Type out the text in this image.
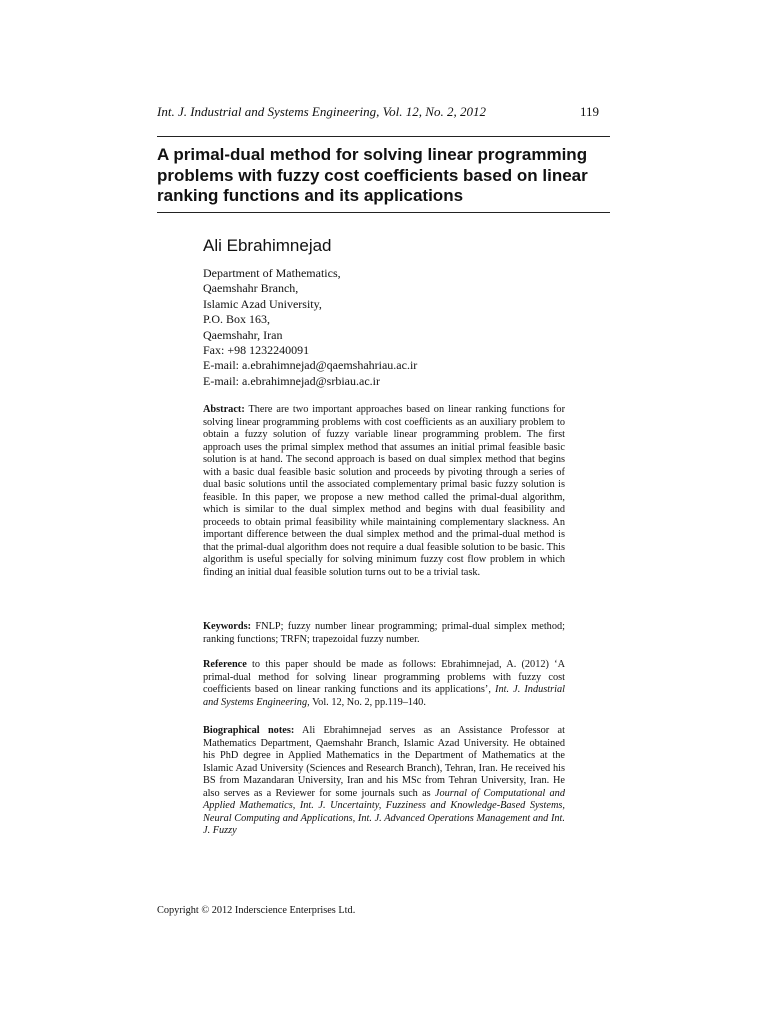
Int. J. Industrial and Systems Engineering, Vol. 12, No. 2, 2012	119
A primal-dual method for solving linear programming
problems with fuzzy cost coefficients based on linear
ranking functions and its applications
Ali Ebrahimnejad
Department of Mathematics,
Qaemshahr Branch,
Islamic Azad University,
P.O. Box 163,
Qaemshahr, Iran
Fax: +98 1232240091
E-mail: a.ebrahimnejad@qaemshahriau.ac.ir
E-mail: a.ebrahimnejad@srbiau.ac.ir

Abstract: There are two important approaches based on linear ranking functions for solving linear programming problems with cost coefficients as an auxiliary problem to obtain a fuzzy solution of fuzzy variable linear programming problem. The first approach uses the primal simplex method that assumes an initial primal feasible basic solution is at hand. The second approach is based on dual simplex method that begins with a basic dual feasible basic solution and proceeds by pivoting through a series of dual basic solutions until the associated complementary primal basic fuzzy solution is feasible. In this paper, we propose a new method called the primal-dual algorithm, which is similar to the dual simplex method and begins with dual feasibility and proceeds to obtain primal feasibility while maintaining complementary slackness. An important difference between the dual simplex method and the primal-dual method is that the primal-dual algorithm does not require a dual feasible solution to be basic. This algorithm is useful specially for solving minimum fuzzy cost flow problem in which finding an initial dual feasible solution turns out to be a trivial task.

Keywords: FNLP; fuzzy number linear programming; primal-dual simplex method; ranking functions; TRFN; trapezoidal fuzzy number.

Reference to this paper should be made as follows: Ebrahimnejad, A. (2012) ‘A primal-dual method for solving linear programming problems with fuzzy cost coefficients based on linear ranking functions and its applications’, Int. J. Industrial and Systems Engineering, Vol. 12, No. 2, pp.119–140.

Biographical notes: Ali Ebrahimnejad serves as an Assistance Professor at Mathematics Department, Qaemshahr Branch, Islamic Azad University. He obtained his PhD degree in Applied Mathematics in the Department of Mathematics at the Islamic Azad University (Sciences and Research Branch), Tehran, Iran. He received his BS from Mazandaran University, Iran and his MSc from Tehran University, Iran. He also serves as a Reviewer for some journals such as Journal of Computational and Applied Mathematics, Int. J. Uncertainty, Fuzziness and Knowledge-Based Systems, Neural Computing and Applications, Int. J. Advanced Operations Management and Int. J. Fuzzy

Copyright © 2012 Inderscience Enterprises Ltd.
